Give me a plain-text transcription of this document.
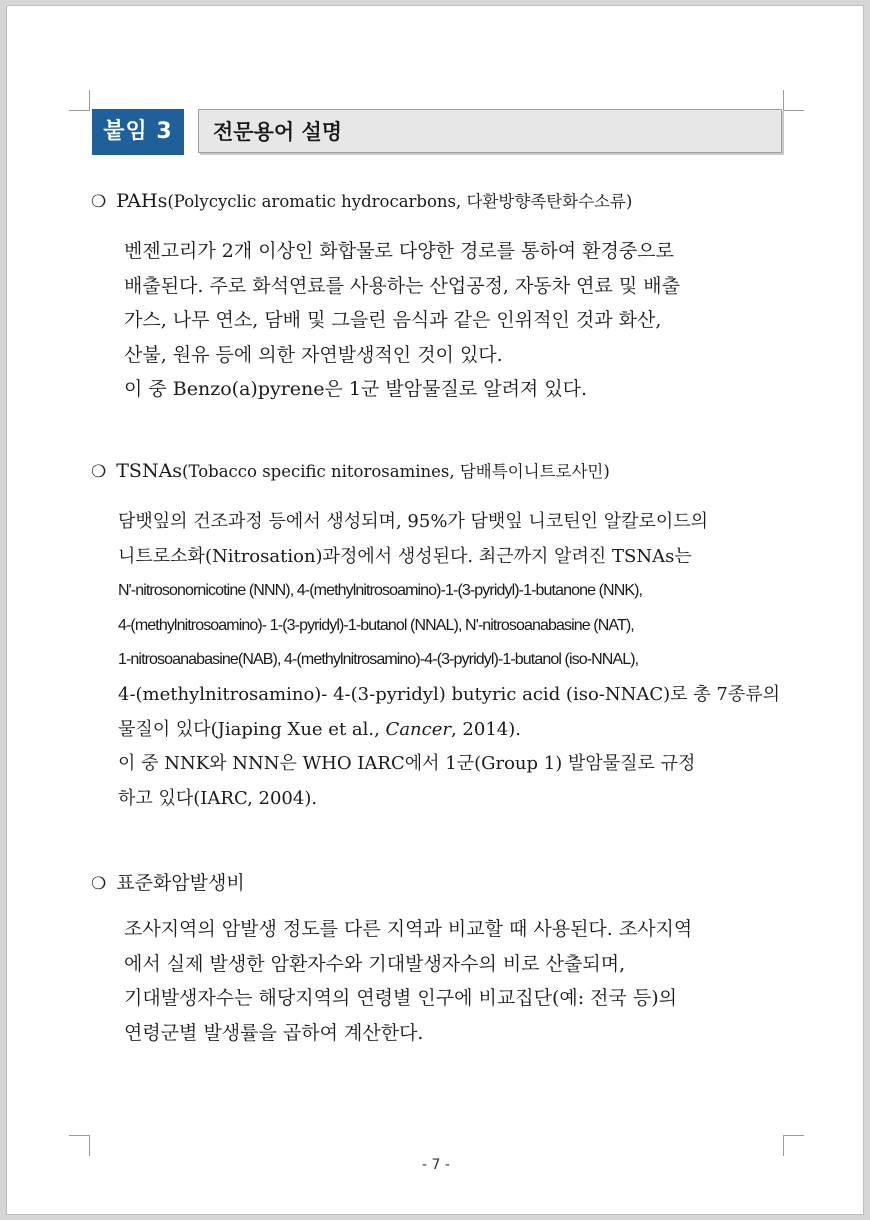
붙임 3	전문용어 설명
❍ PAHs(Polycyclic aromatic hydrocarbons, 다환방향족탄화수소류)
벤젠고리가 2개 이상인 화합물로 다양한 경로를 통하여 환경중으로
배출된다. 주로 화석연료를 사용하는 산업공정, 자동차 연료 및 배출
가스, 나무 연소, 담배 및 그을린 음식과 같은 인위적인 것과 화산,
산불, 원유 등에 의한 자연발생적인 것이 있다.
이 중 Benzo(a)pyrene은 1군 발암물질로 알려져 있다.
❍ TSNAs(Tobacco specific nitorosamines, 담배특이니트로사민)
담뱃잎의 건조과정 등에서 생성되며, 95%가 담뱃잎 니코틴인 알칼로이드의
니트로소화(Nitrosation)과정에서 생성된다. 최근까지 알려진 TSNAs는
N'-nitrosonornicotine (NNN), 4-(methylnitrosoamino)-1-(3-pyridyl)-1-butanone (NNK),
4-(methylnitrosoamino)- 1-(3-pyridyl)-1-butanol (NNAL), N'-nitrosoanabasine (NAT),
1-nitrosoanabasine(NAB), 4-(methylnitrosamino)-4-(3-pyridyl)-1-butanol (iso-NNAL),
4-(methylnitrosamino)- 4-(3-pyridyl) butyric acid (iso-NNAC)로 총 7종류의
물질이 있다(Jiaping Xue et al., Cancer, 2014).
이 중 NNK와 NNN은 WHO IARC에서 1군(Group 1) 발암물질로 규정
하고 있다(IARC, 2004).
❍ 표준화암발생비
조사지역의 암발생 정도를 다른 지역과 비교할 때 사용된다. 조사지역
에서 실제 발생한 암환자수와 기대발생자수의 비로 산출되며,
기대발생자수는 해당지역의 연령별 인구에 비교집단(예: 전국 등)의
연령군별 발생률을 곱하여 계산한다.
- 7 -
